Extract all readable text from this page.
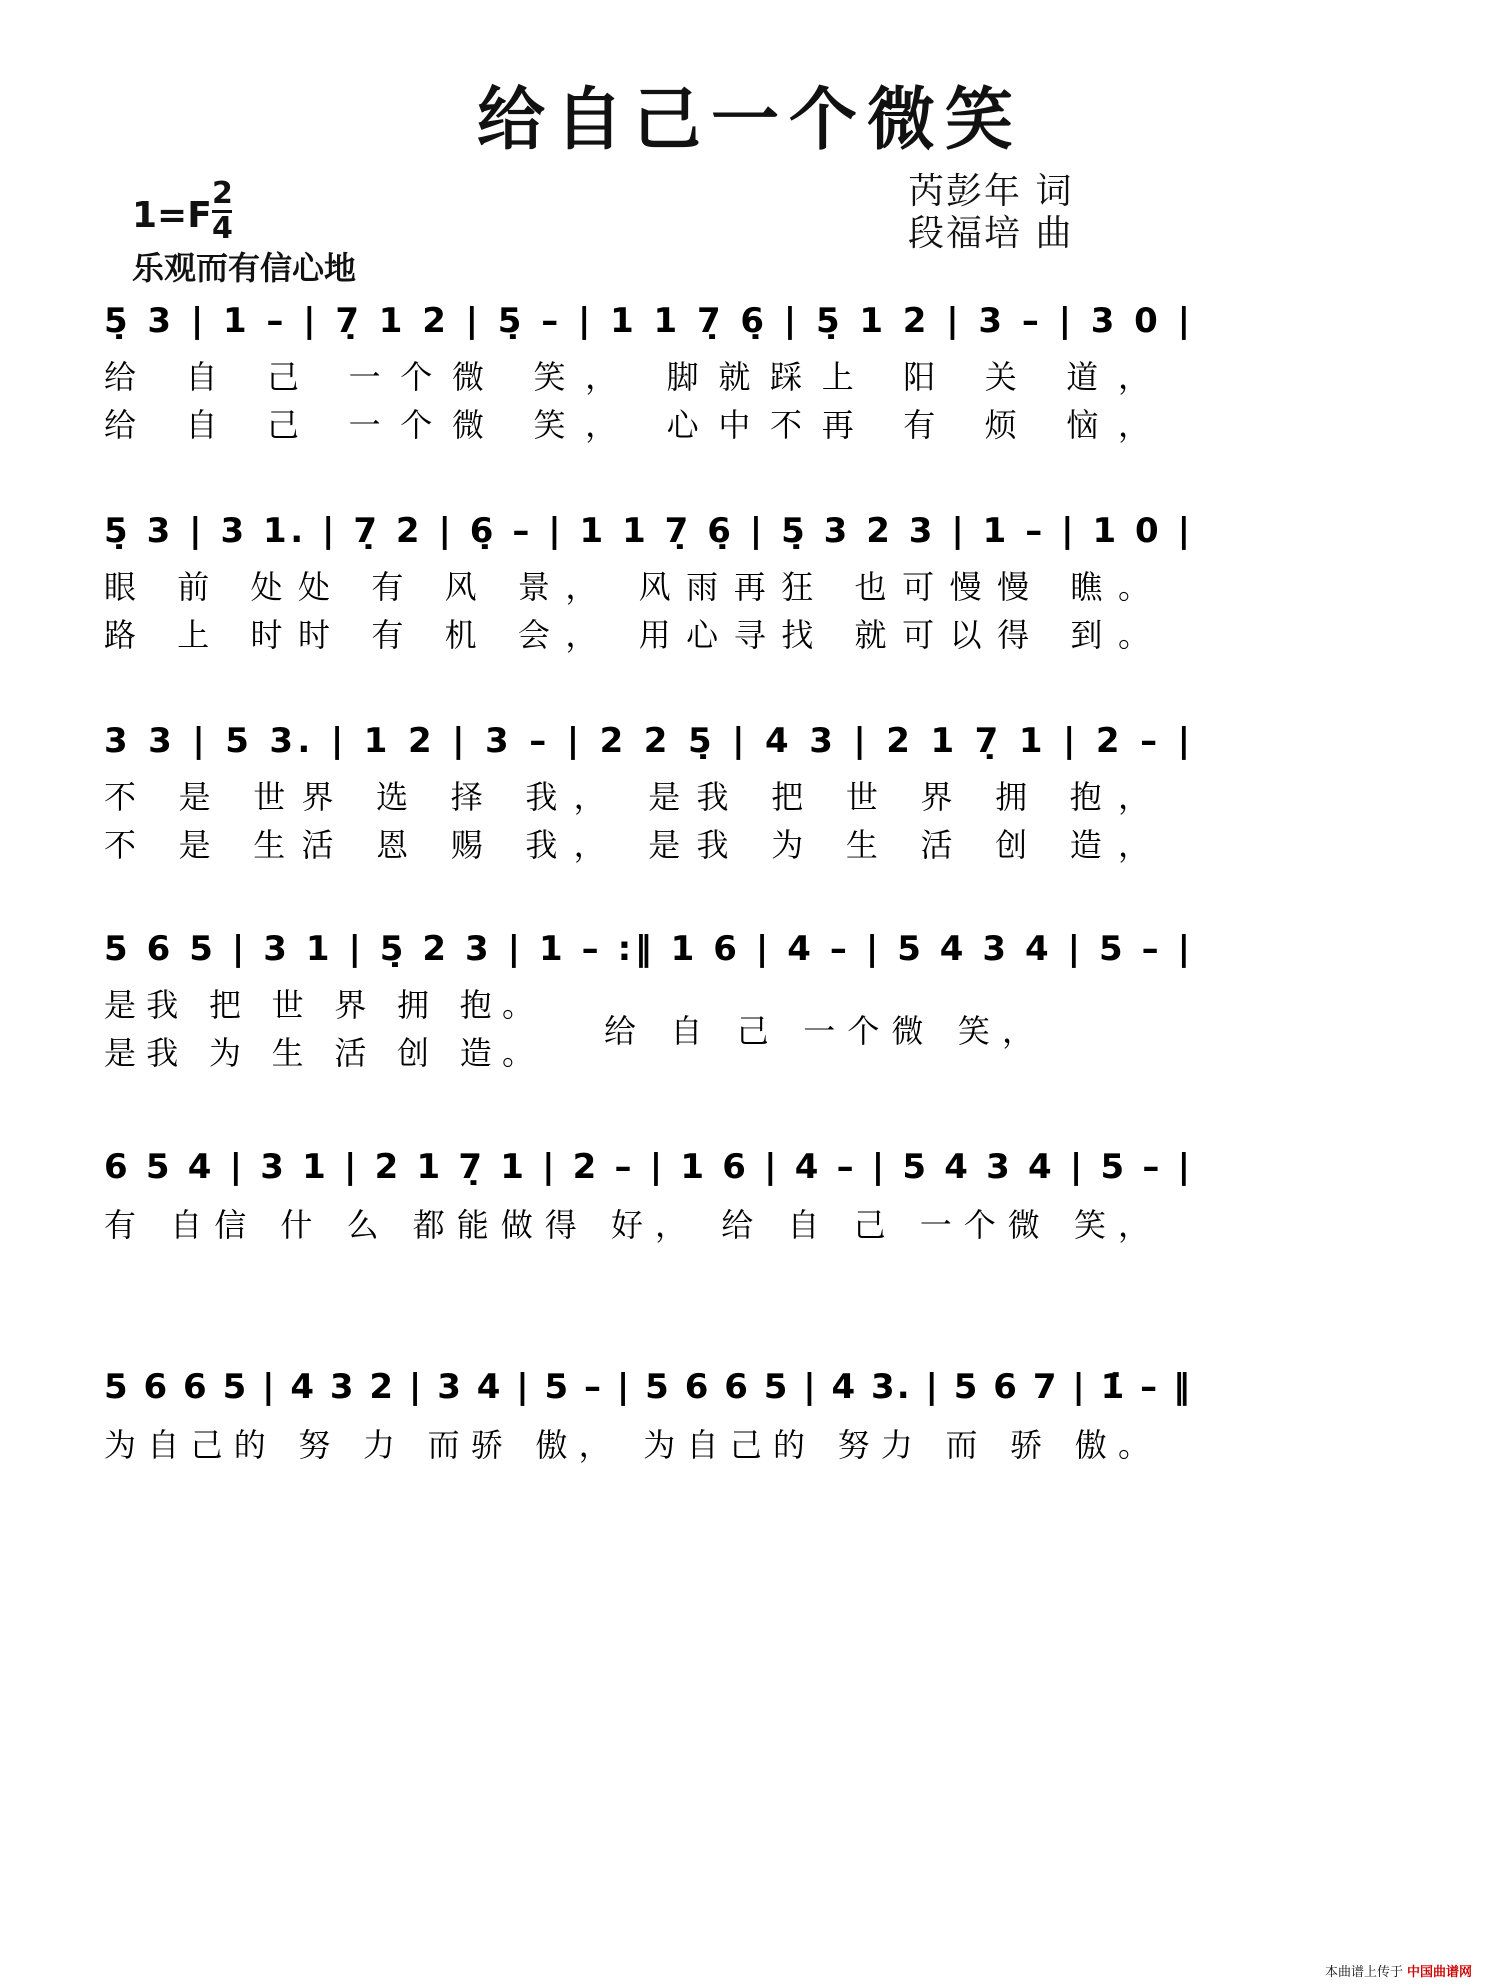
给自己一个微笑
1=F
2
4
乐观而有信心地
芮彭年 词
段福培 曲
5̣ 3 | 1 – | 7̣ 1 2 | 5̣ – | 1 1 7̣ 6̣ | 5̣ 1 2 | 3 – | 3 0 |
给 自 己 一个微 笑， 脚就踩上 阳 关 道，
给 自 己 一个微 笑， 心中不再 有 烦 恼，
5̣ 3 | 3 1. | 7̣ 2 | 6̣ – | 1 1 7̣ 6̣ | 5̣ 3 2 3 | 1 – | 1 0 |
眼 前 处处 有 风 景， 风雨再狂 也可慢慢 瞧。
路 上 时时 有 机 会， 用心寻找 就可以得 到。
3 3 | 5 3. | 1 2 | 3 – | 2 2 5̣ | 4 3 | 2 1 7̣ 1 | 2 – |
不 是 世界 选 择 我， 是我 把 世 界 拥 抱，
不 是 生活 恩 赐 我， 是我 为 生 活 创 造，
5 6 5 | 3 1 | 5̣ 2 3 | 1 – :‖ 1 6 | 4 – | 5 4 3 4 | 5 – |
是我 把 世 界 拥 抱。
是我 为 生 活 创 造。
给 自 己 一个微 笑，
6 5 4 | 3 1 | 2 1 7̣ 1 | 2 – | 1 6 | 4 – | 5 4 3 4 | 5 – |
有 自信 什 么 都能做得 好， 给 自 己 一个微 笑，
5 6 6 5 | 4 3 2 | 3 4 | 5 – | 5 6 6 5 | 4 3. | 5 6 7 | 1̇ – ‖
为自己的 努 力 而骄 傲， 为自己的 努力 而 骄 傲。
本曲谱上传于 中国曲谱网
